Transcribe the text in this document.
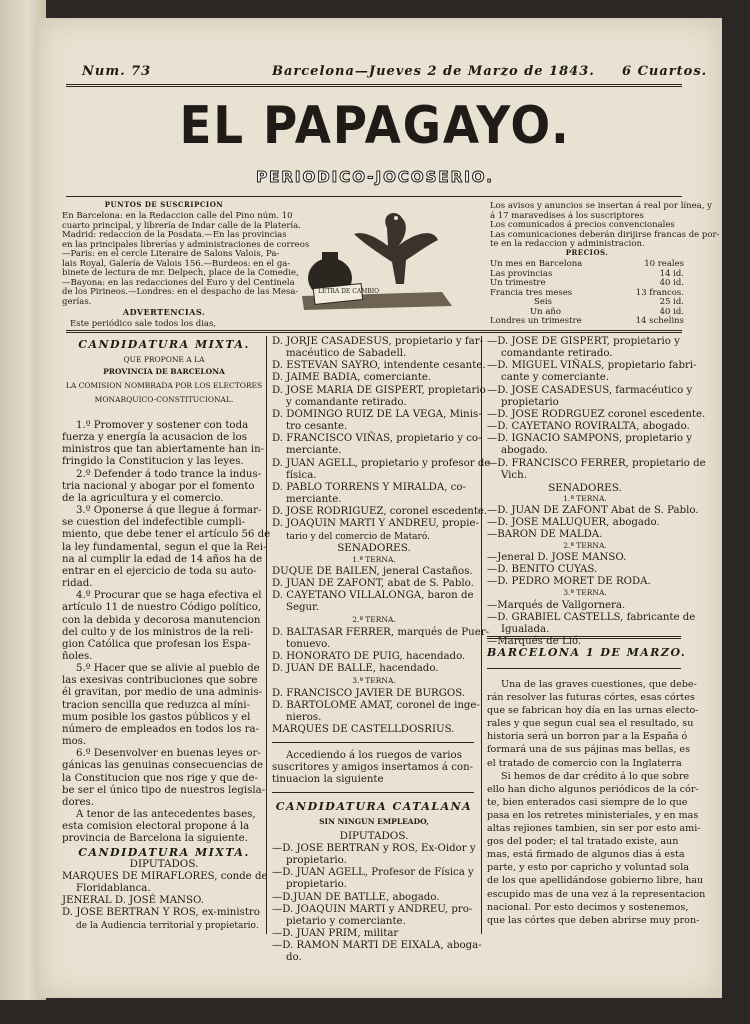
Num. 73	Barcelona—Jueves 2 de Marzo de 1843. 6 Cuartos.
EL PAPAGAYO.
PERIODICO-JOCOSERIO.
PUNTOS DE SUSCRIPCION
En Barcelona: en la Redaccion calle del Pino núm. 10
cuarto principal, y librería de Indar calle de la Platería.
Madrid: redaccion de la Posdata.—En las provincias
en las principales librerías y administraciones de correos
—Paris: en el cercle Literaire de Salons Valois, Pa-
lais Royal, Galería de Valois 156.—Burdeos: en el ga-
binete de lectura de mr. Delpech, place de la Comedie,
—Bayona: en las redacciones del Euro y del Centinela
de los Pirineos.—Londres: en el despacho de las Mesa-
gerías.
ADVERTENCIAS.
Este periódico sale todos los dias,
LETRA DE CAMBIO
Los avisos y anuncios se insertan á real por línea, y
á 17 maravedises á los suscriptores
Los comunicados á precios convencionales
Las comunicaciones deberán dirijirse francas de por-
te en la redaccion y administracion.
PRECIOS.
Un mes en Barcelona	10 reales
Las provincias	14 id.
Un trimestre	40 id.
Francia tres meses	13 francos.
Seis	25 id.
Un año	40 id.
Londres un trimestre	14 schelins
CANDIDATURA MIXTA.
QUE PROPONE A LA
PROVINCIA DE BARCELONA
LA COMISION NOMBRADA POR LOS ELECTORES
MONARQUICO-CONSTITUCIONAL.
1.º Promover y sostener con toda
fuerza y energía la acusacion de los
ministros que tan abiertamente han in-
fringido la Constitucion y las leyes.
2.º Defender á todo trance la indus-
tria nacional y abogar por el fomento
de la agricultura y el comercio.
3.º Oponerse á que llegue á formar-
se cuestion del indefectible cumpli-
miento, que debe tener el artículo 56 de
la ley fundamental, segun el que la Rei-
na al cumplir la edad de 14 años ha de
entrar en el ejercicio de toda su auto-
ridad.
4.º Procurar que se haga efectiva el
artículo 11 de nuestro Código político,
con la debida y decorosa manutencion
del culto y de los ministros de la reli-
gion Católica que profesan los Espa-
ñoles.
5.º Hacer que se alivie al pueblo de
las exesivas contribuciones que sobre
él gravitan, por medio de una adminis-
tracion sencilla que reduzca al míni-
mum posible los gastos públicos y el
número de empleados en todos los ra-
mos.
6.º Desenvolver en buenas leyes or-
gánicas las genuinas consecuencias de
la Constitucion que nos rige y que de-
be ser el único tipo de nuestros legisla-
dores.
A tenor de las antecedentes bases,
esta comision electoral propone á la
provincia de Barcelona la siguiente.
CANDIDATURA MIXTA.
DIPUTADOS.
MARQUES DE MIRAFLORES, conde de
Floridablanca.
JENERAL D. JOSÉ MANSO.
D. JOSE BERTRAN Y ROS, ex-ministro
de la Audiencia territorial y propietario.
D. JORJE CASADESUS, propietario y far-
macéutico de Sabadell.
D. ESTEVAN SAYRO, intendente cesante.
D. JAIME BADIA, comerciante.
D. JOSE MARIA DE GISPERT, propietario
y comandante retirado.
D. DOMINGO RUIZ DE LA VEGA, Minis-
tro cesante.
D. FRANCISCO VIÑAS, propietario y co-
merciante.
D. JUAN AGELL, propietario y profesor de
física.
D. PABLO TORRENS Y MIRALDA, co-
merciante.
D. JOSE RODRIGUEZ, coronel escedente.
D. JOAQUIN MARTI Y ANDREU, propie-
tario y del comercio de Mataró.
SENADORES.
1.ª TERNA.
DUQUE DE BAILEN, jeneral Castaños.
D. JUAN DE ZAFONT, abat de S. Pablo.
D. CAYETANO VILLALONGA, baron de
Segur.
2.ª TERNA.
D. BALTASAR FERRER, marqués de Puer-
tonuevo.
D. HONORATO DE PUIG, hacendado.
D. JUAN DE BALLE, hacendado.
3.ª TERNA.
D. FRANCISCO JAVIER DE BURGOS.
D. BARTOLOME AMAT, coronel de inge-
nieros.
MARQUES DE CASTELLDOSRIUS.
Accediendo á los ruegos de varios
suscritores y amigos insertamos á con-
tinuacion la siguiente
CANDIDATURA CATALANA
SIN NINGUN EMPLEADO,
DIPUTADOS.
—D. JOSE BERTRAN y ROS, Ex-Oidor y
propietario.
—D. JUAN AGELL, Profesor de Física y
propietario.
—D.JUAN DE BATLLE, abogado.
—D. JOAQUIN MARTI y ANDREU, pro-
pietario y comerciante.
—D. JUAN PRIM, militar
—D. RAMON MARTI DE EIXALA, aboga-
do.
—D. JOSE DE GISPERT, propietario y
comandante retirado.
—D. MIGUEL VIÑALS, propietario fabri-
cante y comerciante.
—D. JOSE CASADESUS, farmacéutico y
propietario
—D. JOSE RODRGUEZ coronel escedente.
—D. CAYETANO ROVIRALTA, abogado.
—D. IGNACIO SAMPONS, propietario y
abogado.
—D. FRANCISCO FERRER, propietario de
Vich.
SENADORES.
1.ª TERNA.
—D. JUAN DE ZAFONT Abat de S. Pablo.
—D. JOSE MALUQUER, abogado.
—BARON DE MALDA.
2.ª TERNA.
—Jeneral D. JOSE MANSO.
—D. BENITO CUYAS.
—D. PEDRO MORET DE RODA.
3.ª TERNA.
—Marqués de Vallgornera.
—D. GRABIEL CASTELLS, fabricante de
Igualada.
—Marqués de Lió.
BARCELONA 1 DE MARZO.
Una de las graves cuestiones, que debe-
rán resolver las futuras córtes, esas córtes
que se fabrican hoy día en las urnas electo-
rales y que segun cual sea el resultado, su
historia será un borron par a la España ó
formará una de sus pájinas mas bellas, es
el tratado de comercio con la Inglaterra
Si hemos de dar crédito á lo que sobre
ello han dicho algunos periódicos de la cór-
te, bien enterados casi siempre de lo que
pasa en los retretes ministeriales, y en mas
altas rejiones tambien, sin ser por esto ami-
gos del poder; el tal tratado existe, aun
mas, está firmado de algunos dias á esta
parte, y esto por capricho y voluntad sola
de los que apellidándose gobierno libre, hau
escupido mas de una vez á la representacion
nacional. Por esto decimos y sostenemos,
que las córtes que deben abrirse muy pron-
